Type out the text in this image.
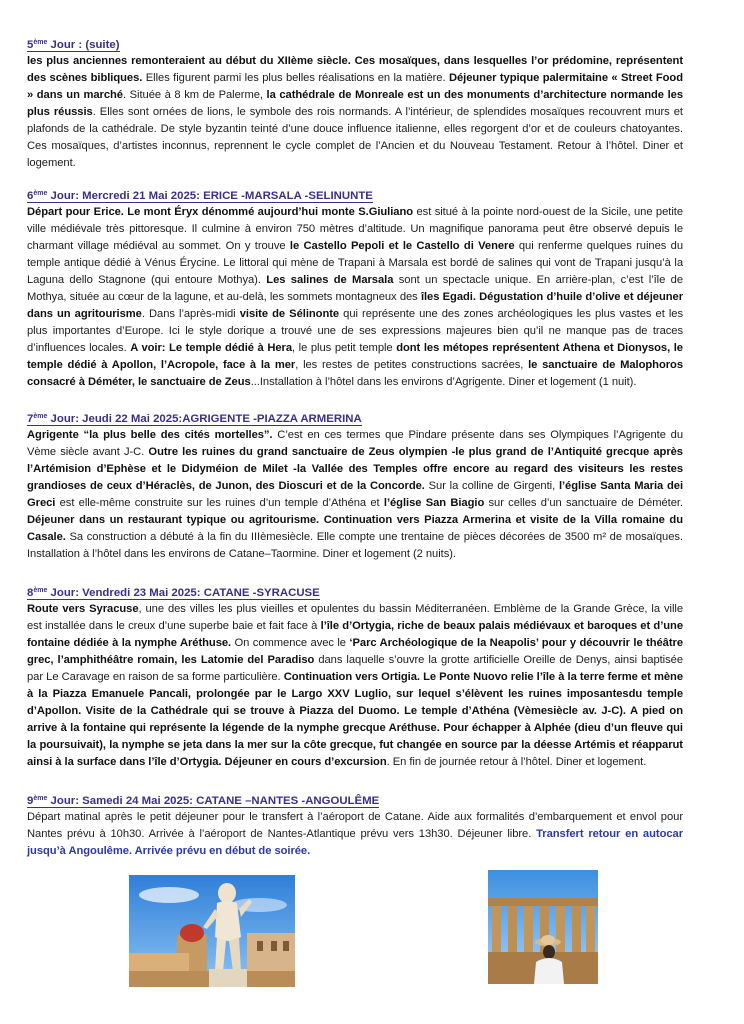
5ème Jour : (suite)
les plus anciennes remonteraient au début du XIIème siècle. Ces mosaïques, dans lesquelles l’or prédomine, représentent des scènes bibliques. Elles figurent parmi les plus belles réalisations en la matière. Déjeuner typique palermitaine « Street Food » dans un marché. Située à 8 km de Palerme, la cathédrale de Monreale est un des monuments d’architecture normande les plus réussis. Elles sont ornées de lions, le symbole des rois normands. A l’intérieur, de splendides mosaïques recouvrent murs et plafonds de la cathédrale. De style byzantin teinté d’une douce influence italienne, elles regorgent d’or et de couleurs chatoyantes. Ces mosaïques, d’artistes inconnus, reprennent le cycle complet de l’Ancien et du Nouveau Testament. Retour à l’hôtel. Diner et logement.
6ème Jour: Mercredi 21 Mai 2025: ERICE -MARSALA -SELINUNTE
Départ pour Erice. Le mont Éryx dénommé aujourd’hui monte S.Giuliano est situé à la pointe nord-ouest de la Sicile, une petite ville médiévale très pittoresque. Il culmine à environ 750 mètres d’altitude. Un magnifique panorama peut être observé depuis le charmant village médiéval au sommet. On y trouve le Castello Pepoli et le Castello di Venere qui renferme quelques ruines du temple antique dédié à Vénus Érycine. Le littoral qui mène de Trapani à Marsala est bordé de salines qui vont de Trapani jusqu’à la Laguna dello Stagnone (qui entoure Mothya). Les salines de Marsala sont un spectacle unique. En arrière-plan, c’est l’île de Mothya, située au cœur de la lagune, et au-delà, les sommets montagneux des îles Egadi. Dégustation d’huile d’olive et déjeuner dans un agritourisme. Dans l’après-midi visite de Sélinonte qui représente une des zones archéologiques les plus vastes et les plus importantes d’Europe. Ici le style dorique a trouvé une de ses expressions majeures bien qu’il ne manque pas de traces d’influences locales. A voir: Le temple dédié à Hera, le plus petit temple dont les métopes représentent Athena et Dionysos, le temple dédié à Apollon, l’Acropole, face à la mer, les restes de petites constructions sacrées, le sanctuaire de Malophoros consacré à Déméter, le sanctuaire de Zeus...Installation à l’hôtel dans les environs d’Agrigente. Diner et logement (1 nuit).
7ème Jour: Jeudi 22 Mai 2025:AGRIGENTE -PIAZZA ARMERINA
Agrigente “la plus belle des cités mortelles”. C’est en ces termes que Pindare présente dans ses Olympiques l’Agrigente du Vème siècle avant J-C. Outre les ruines du grand sanctuaire de Zeus olympien -le plus grand de l’Antiquité grecque après l’Artémision d’Ephèse et le Didyméion de Milet -la Vallée des Temples offre encore au regard des visiteurs les restes grandioses de ceux d’Héraclès, de Junon, des Dioscuri et de la Concorde. Sur la colline de Girgenti, l’église Santa Maria dei Greci est elle-même construite sur les ruines d’un temple d’Athéna et l’église San Biagio sur celles d’un sanctuaire de Déméter. Déjeuner dans un restaurant typique ou agritourisme. Continuation vers Piazza Armerina et visite de la Villa romaine du Casale. Sa construction a débuté à la fin du IIIèmesiècle. Elle compte une trentaine de pièces décorées de 3500 m² de mosaïques. Installation à l’hôtel dans les environs de Catane–Taormine. Diner et logement (2 nuits).
8ème Jour: Vendredi 23 Mai 2025: CATANE -SYRACUSE
Route vers Syracuse, une des villes les plus vieilles et opulentes du bassin Méditerranéen. Emblème de la Grande Grèce, la ville est installée dans le creux d’une superbe baie et fait face à l’île d’Ortygia, riche de beaux palais médiévaux et baroques et d’une fontaine dédiée à la nymphe Aréthuse. On commence avec le ‘Parc Archéologique de la Neapolis’ pour y découvrir le théâtre grec, l’amphithéâtre romain, les Latomie del Paradiso dans laquelle s’ouvre la grotte artificielle Oreille de Denys, ainsi baptisée par Le Caravage en raison de sa forme particulière. Continuation vers Ortigia. Le Ponte Nuovo relie l’île à la terre ferme et mène à la Piazza Emanuele Pancali, prolongée par le Largo XXV Luglio, sur lequel s’élèvent les ruines imposantesdu temple d’Apollon. Visite de la Cathédrale qui se trouve à Piazza del Duomo. Le temple d’Athéna (Vèmesiècle av. J-C). A pied on arrive à la fontaine qui représente la légende de la nymphe grecque Aréthuse. Pour échapper à Alphée (dieu d’un fleuve qui la poursuivait), la nymphe se jeta dans la mer sur la côte grecque, fut changée en source par la déesse Artémis et réapparut ainsi à la surface dans l’île d’Ortygia. Déjeuner en cours d’excursion. En fin de journée retour à l’hôtel. Diner et logement.
9ème Jour: Samedi 24 Mai 2025: CATANE –NANTES -ANGOULÊME
Départ matinal après le petit déjeuner pour le transfert à l’aéroport de Catane. Aide aux formalités d’embarquement et envol pour Nantes prévu à 10h30. Arrivée à l’aéroport de Nantes-Atlantique prévu vers 13h30. Déjeuner libre. Transfert retour en autocar jusqu’à Angoulême. Arrivée prévu en début de soirée.
